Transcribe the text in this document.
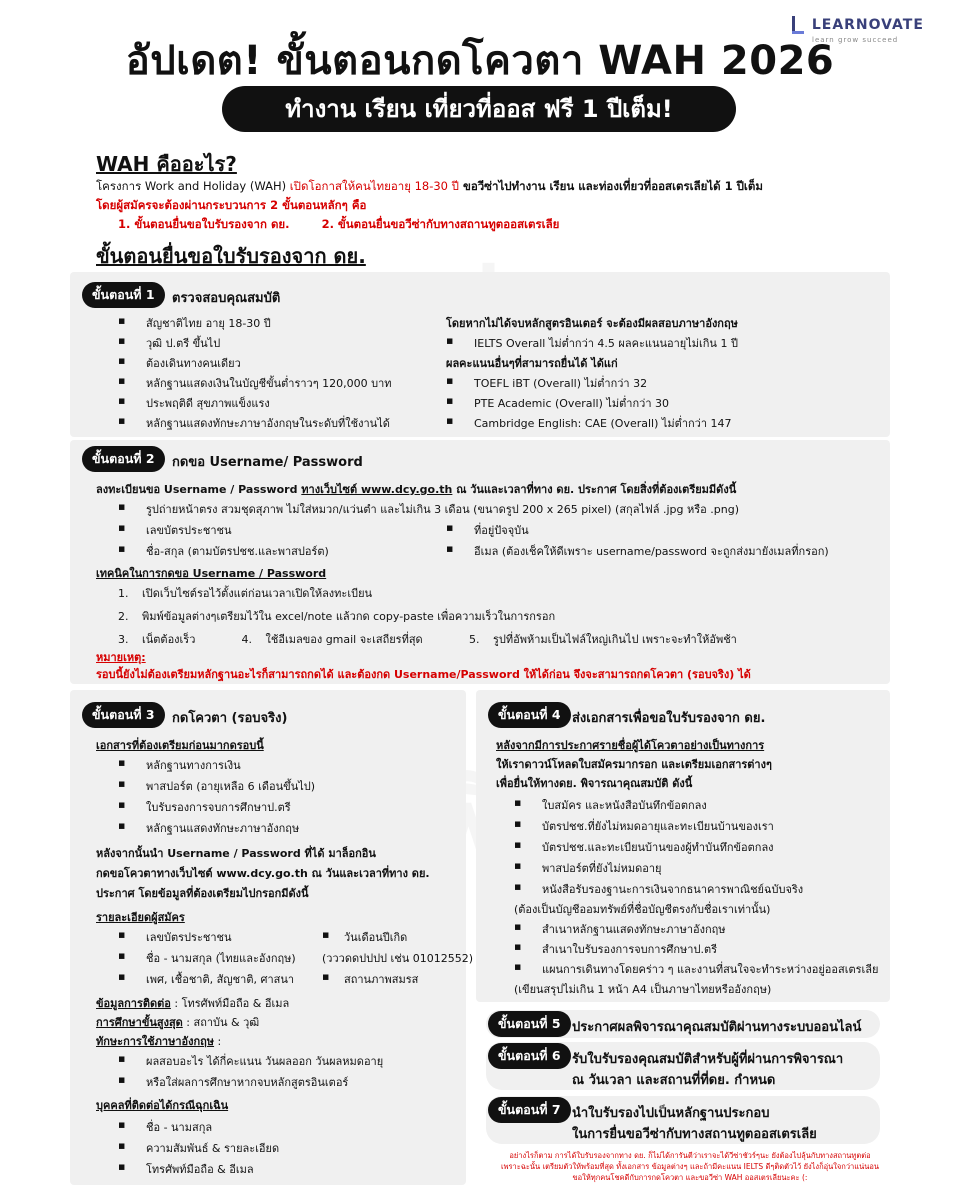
อัปเดต! ขั้นตอนกดโควตา WAH 2026
LEARNOVATE
learn grow succeed
ทำงาน เรียน เที่ยวที่ออส ฟรี 1 ปีเต็ม!
WAH คืออะไร?
โครงการ Work and Holiday (WAH) เปิดโอกาสให้คนไทยอายุ 18-30 ปี ขอวีซ่าไปทำงาน เรียน และท่องเที่ยวที่ออสเตรเลียได้ 1 ปีเต็ม
โดยผู้สมัครจะต้องผ่านกระบวนการ 2 ขั้นตอนหลักๆ คือ
1. ขั้นตอนยื่นขอใบรับรองจาก ดย.	2. ขั้นตอนยื่นขอวีซ่ากับทางสถานทูตออสเตรเลีย
ขั้นตอนยื่นขอใบรับรองจาก ดย.
ขั้นตอนที่ 1	ตรวจสอบคุณสมบัติ
▪ สัญชาติไทย อายุ 18-30 ปี
▪ วุฒิ ป.ตรี ขึ้นไป
▪ ต้องเดินทางคนเดียว
▪ หลักฐานแสดงเงินในบัญชีขั้นต่ำราวๆ 120,000 บาท
▪ ประพฤติดี สุขภาพแข็งแรง
▪ หลักฐานแสดงทักษะภาษาอังกฤษในระดับที่ใช้งานได้
โดยหากไม่ได้จบหลักสูตรอินเตอร์ จะต้องมีผลสอบภาษาอังกฤษ
▪ IELTS Overall ไม่ต่ำกว่า 4.5 ผลคะแนนอายุไม่เกิน 1 ปี
ผลคะแนนอื่นๆที่สามารถยื่นได้ ได้แก่
▪ TOEFL iBT (Overall) ไม่ต่ำกว่า 32
▪ PTE Academic (Overall) ไม่ต่ำกว่า 30
▪ Cambridge English: CAE (Overall) ไม่ต่ำกว่า 147
ขั้นตอนที่ 2	กดขอ Username/ Password
ลงทะเบียนขอ Username / Password ทางเว็บไซต์ www.dcy.go.th ณ วันและเวลาที่ทาง ดย. ประกาศ โดยสิ่งที่ต้องเตรียมมีดังนี้
▪ รูปถ่ายหน้าตรง สวมชุดสุภาพ ไม่ใส่หมวก/แว่นตำ และไม่เกิน 3 เดือน (ขนาดรูป 200 x 265 pixel) (สกุลไฟล์ .jpg หรือ .png)
▪ เลขบัตรประชาชน
▪ ชื่อ-สกุล (ตามบัตรปชช.และพาสปอร์ต)
▪ ที่อยู่ปัจจุบัน
▪ อีเมล (ต้องเช็คให้ดีเพราะ username/password จะถูกส่งมายังเมลที่กรอก)
เทคนิคในการกดขอ Username / Password
1. เปิดเว็บไซต์รอไว้ตั้งแต่ก่อนเวลาเปิดให้ลงทะเบียน
2. พิมพ์ข้อมูลต่างๆเตรียมไว้ใน excel/note แล้วกด copy-paste เพื่อความเร็วในการกรอก
3. เน็ตต้องเร็ว	4. ใช้อีเมลของ gmail จะเสถียรที่สุด	5. รูปที่อัพห้ามเป็นไฟล์ใหญ่เกินไป เพราะจะทำให้อัพช้า
หมายเหตุ:
รอบนี้ยังไม่ต้องเตรียมหลักฐานอะไรก็สามารถกดได้ และต้องกด Username/Password ให้ได้ก่อน จึงจะสามารถกดโควตา (รอบจริง) ได้
ขั้นตอนที่ 3	กดโควตา (รอบจริง)
เอกสารที่ต้องเตรียมก่อนมากดรอบนี้
▪ หลักฐานทางการเงิน
▪ พาสปอร์ต (อายุเหลือ 6 เดือนขึ้นไป)
▪ ใบรับรองการจบการศึกษาป.ตรี
▪ หลักฐานแสดงทักษะภาษาอังกฤษ
หลังจากนั้นนำ Username / Password ที่ได้ มาล็อกอิน
กดขอโควตาทางเว็บไซต์ www.dcy.go.th ณ วันและเวลาที่ทาง ดย.
ประกาศ โดยข้อมูลที่ต้องเตรียมไปกรอกมีดังนี้
รายละเอียดผู้สมัคร
▪ เลขบัตรประชาชน
▪ ชื่อ - นามสกุล (ไทยและอังกฤษ)
▪ เพศ, เชื้อชาติ, สัญชาติ, ศาสนา
▪ วันเดือนปีเกิด
(วววดดปปปป เช่น 01012552)
▪ สถานภาพสมรส
ข้อมูลการติดต่อ : โทรศัพท์มือถือ & อีเมล
การศึกษาขั้นสูงสุด : สถาบัน & วุฒิ
ทักษะการใช้ภาษาอังกฤษ :
▪ ผลสอบอะไร ได้กี่คะแนน วันผลออก วันผลหมดอายุ
▪ หรือใส่ผลการศึกษาหากจบหลักสูตรอินเตอร์
บุคคลที่ติดต่อได้กรณีฉุกเฉิน
▪ ชื่อ - นามสกุล
▪ ความสัมพันธ์ & รายละเอียด
▪ โทรศัพท์มือถือ & อีเมล
ขั้นตอนที่ 4 ส่งเอกสารเพื่อขอใบรับรองจาก ดย.
หลังจากมีการประกาศรายชื่อผู้ได้โควตาอย่างเป็นทางการ
ให้เราดาวน์โหลดใบสมัครมากรอก และเตรียมเอกสารต่างๆ
เพื่อยื่นให้ทางดย. พิจารณาคุณสมบัติ ดังนี้
▪ ใบสมัคร และหนังสือบันทึกข้อตกลง
▪ บัตรปชช.ที่ยังไม่หมดอายุและทะเบียนบ้านของเรา
▪ บัตรปชช.และทะเบียนบ้านของผู้ทำบันทึกข้อตกลง
▪ พาสปอร์ตที่ยังไม่หมดอายุ
▪ หนังสือรับรองฐานะการเงินจากธนาคารพาณิชย์ฉบับจริง
(ต้องเป็นบัญชีออมทรัพย์ที่ชื่อบัญชีตรงกับชื่อเราเท่านั้น)
▪ สำเนาหลักฐานแสดงทักษะภาษาอังกฤษ
▪ สำเนาใบรับรองการจบการศึกษาป.ตรี
▪ แผนการเดินทางโดยคร่าว ๆ และงานที่สนใจจะทำระหว่างอยู่ออสเตรเลีย
(เขียนสรุปไม่เกิน 1 หน้า A4 เป็นภาษาไทยหรืออังกฤษ)
ขั้นตอนที่ 5 ประกาศผลพิจารณาคุณสมบัติผ่านทางระบบออนไลน์
ขั้นตอนที่ 6 รับใบรับรองคุณสมบัติสำหรับผู้ที่ผ่านการพิจารณา
ณ วันเวลา และสถานที่ที่ดย. กำหนด
ขั้นตอนที่ 7 นำใบรับรองไปเป็นหลักฐานประกอบ
ในการยื่นขอวีซ่ากับทางสถานทูตออสเตรเลีย
อย่างไรก็ตาม การได้ใบรับรองจากทาง ดย. ก็ไม่ได้การันตีว่าเราจะได้วีซ่าชัวร์ๆนะ ยังต้องไปลุ้นกับทางสถานทูตต่อ
เพราะฉะนั้น เตรียมตัวให้พร้อมที่สุด ทั้งเอกสาร ข้อมูลต่างๆ และถ้ามีคะแนน IELTS ดีๆติดตัวไว้ ยังไงก็อุ่นใจกว่าแน่นอน
ขอให้ทุกคนโชคดีกับการกดโควตา และขอวีซ่า WAH ออสเตรเลียนะคะ (:
